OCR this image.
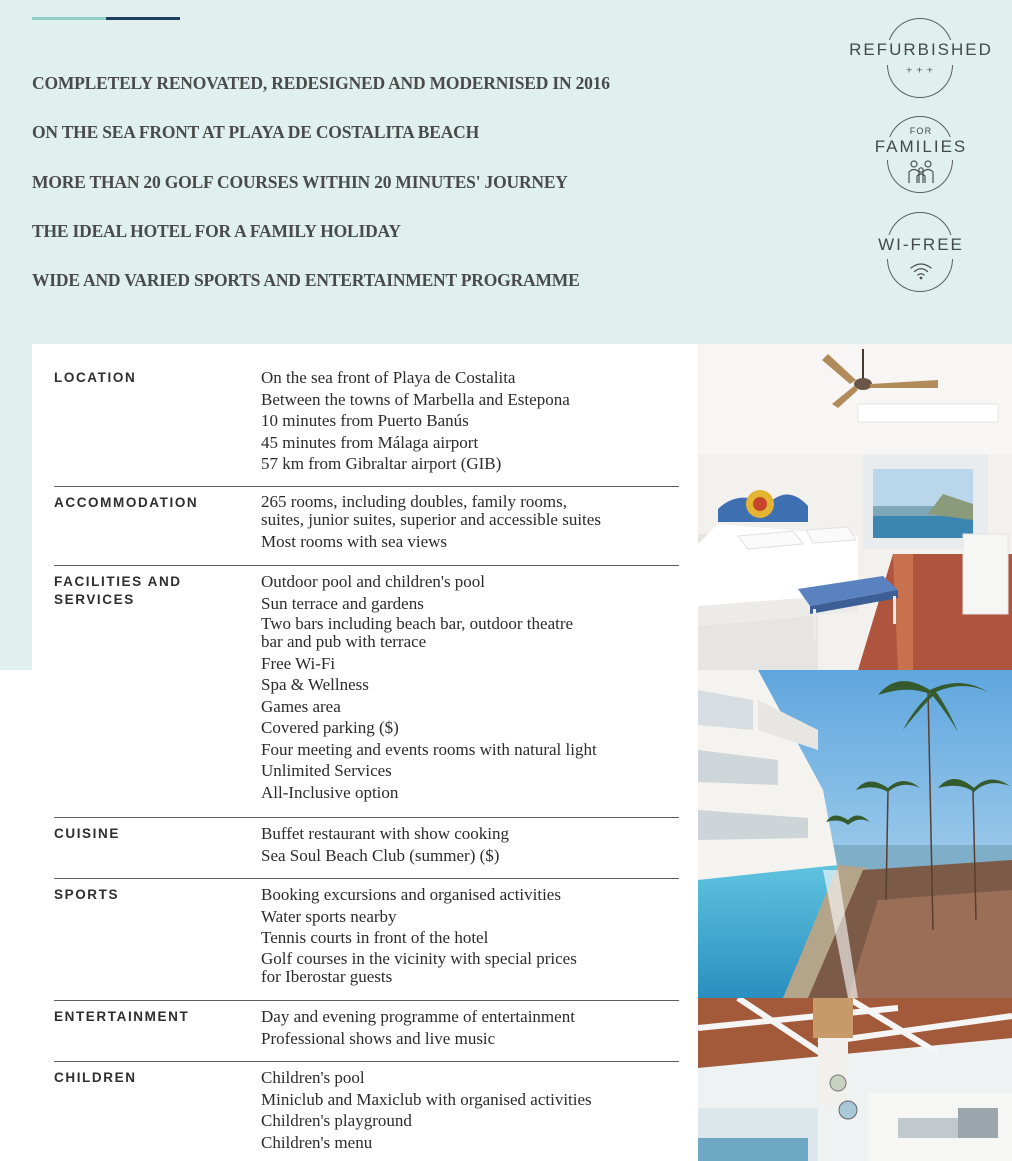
COMPLETELY RENOVATED, REDESIGNED AND MODERNISED IN 2016
ON THE SEA FRONT AT PLAYA DE COSTALITA BEACH
MORE THAN 20 GOLF COURSES WITHIN 20 MINUTES' JOURNEY
THE IDEAL HOTEL FOR A FAMILY HOLIDAY
WIDE AND VARIED SPORTS AND ENTERTAINMENT PROGRAMME
REFURBISHED
⁺⁺⁺
FOR
FAMILIES
WI-FREE
LOCATION	On the sea front of Playa de Costalita
Between the towns of Marbella and Estepona
10 minutes from Puerto Banús
45 minutes from Málaga airport
57 km from Gibraltar airport (GIB)
ACCOMMODATION	265 rooms, including doubles, family rooms,
suites, junior suites, superior and accessible suites
Most rooms with sea views
FACILITIES AND
SERVICES
Outdoor pool and children's pool
Sun terrace and gardens
Two bars including beach bar, outdoor theatre
bar and pub with terrace
Free Wi-Fi
Spa & Wellness
Games area
Covered parking ($)
Four meeting and events rooms with natural light
Unlimited Services
All-Inclusive option
CUISINE	Buffet restaurant with show cooking
Sea Soul Beach Club (summer) ($)
SPORTS	Booking excursions and organised activities
Water sports nearby
Tennis courts in front of the hotel
Golf courses in the vicinity with special prices
for Iberostar guests
ENTERTAINMENT	Day and evening programme of entertainment
Professional shows and live music
CHILDREN	Children's pool
Miniclub and Maxiclub with organised activities
Children's playground
Children's menu
